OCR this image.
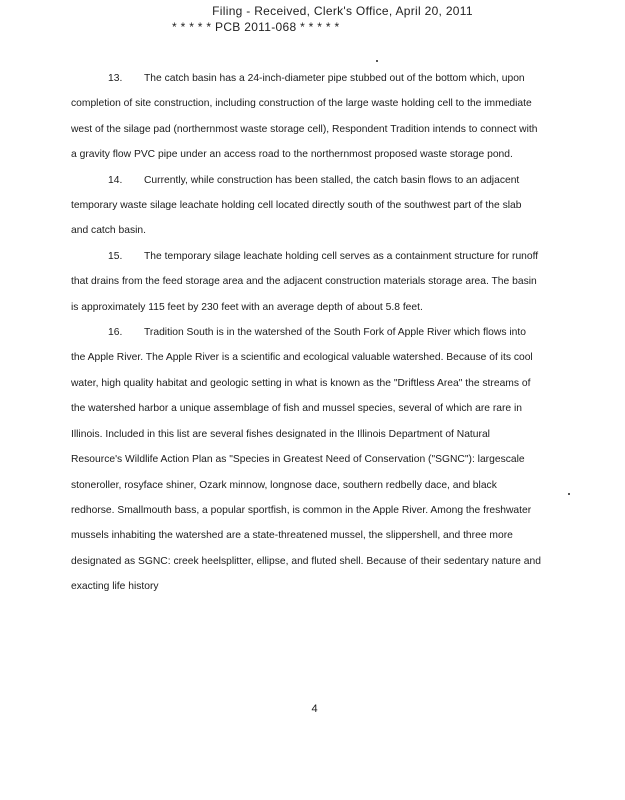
Filing - Received, Clerk's Office, April 20, 2011
* * * * * PCB 2011-068 * * * * *

13. The catch basin has a 24-inch-diameter pipe stubbed out of the bottom which, upon completion of site construction, including construction of the large waste holding cell to the immediate west of the silage pad (northernmost waste storage cell), Respondent Tradition intends to connect with a gravity flow PVC pipe under an access road to the northernmost proposed waste storage pond.

14. Currently, while construction has been stalled, the catch basin flows to an adjacent temporary waste silage leachate holding cell located directly south of the southwest part of the slab and catch basin.

15. The temporary silage leachate holding cell serves as a containment structure for runoff that drains from the feed storage area and the adjacent construction materials storage area. The basin is approximately 115 feet by 230 feet with an average depth of about 5.8 feet.

16. Tradition South is in the watershed of the South Fork of Apple River which flows into the Apple River. The Apple River is a scientific and ecological valuable watershed. Because of its cool water, high quality habitat and geologic setting in what is known as the "Driftless Area" the streams of the watershed harbor a unique assemblage of fish and mussel species, several of which are rare in Illinois. Included in this list are several fishes designated in the Illinois Department of Natural Resource's Wildlife Action Plan as "Species in Greatest Need of Conservation ("SGNC"): largescale stoneroller, rosyface shiner, Ozark minnow, longnose dace, southern redbelly dace, and black redhorse. Smallmouth bass, a popular sportfish, is common in the Apple River. Among the freshwater mussels inhabiting the watershed are a state-threatened mussel, the slippershell, and three more designated as SGNC: creek heelsplitter, ellipse, and fluted shell. Because of their sedentary nature and exacting life history

4
